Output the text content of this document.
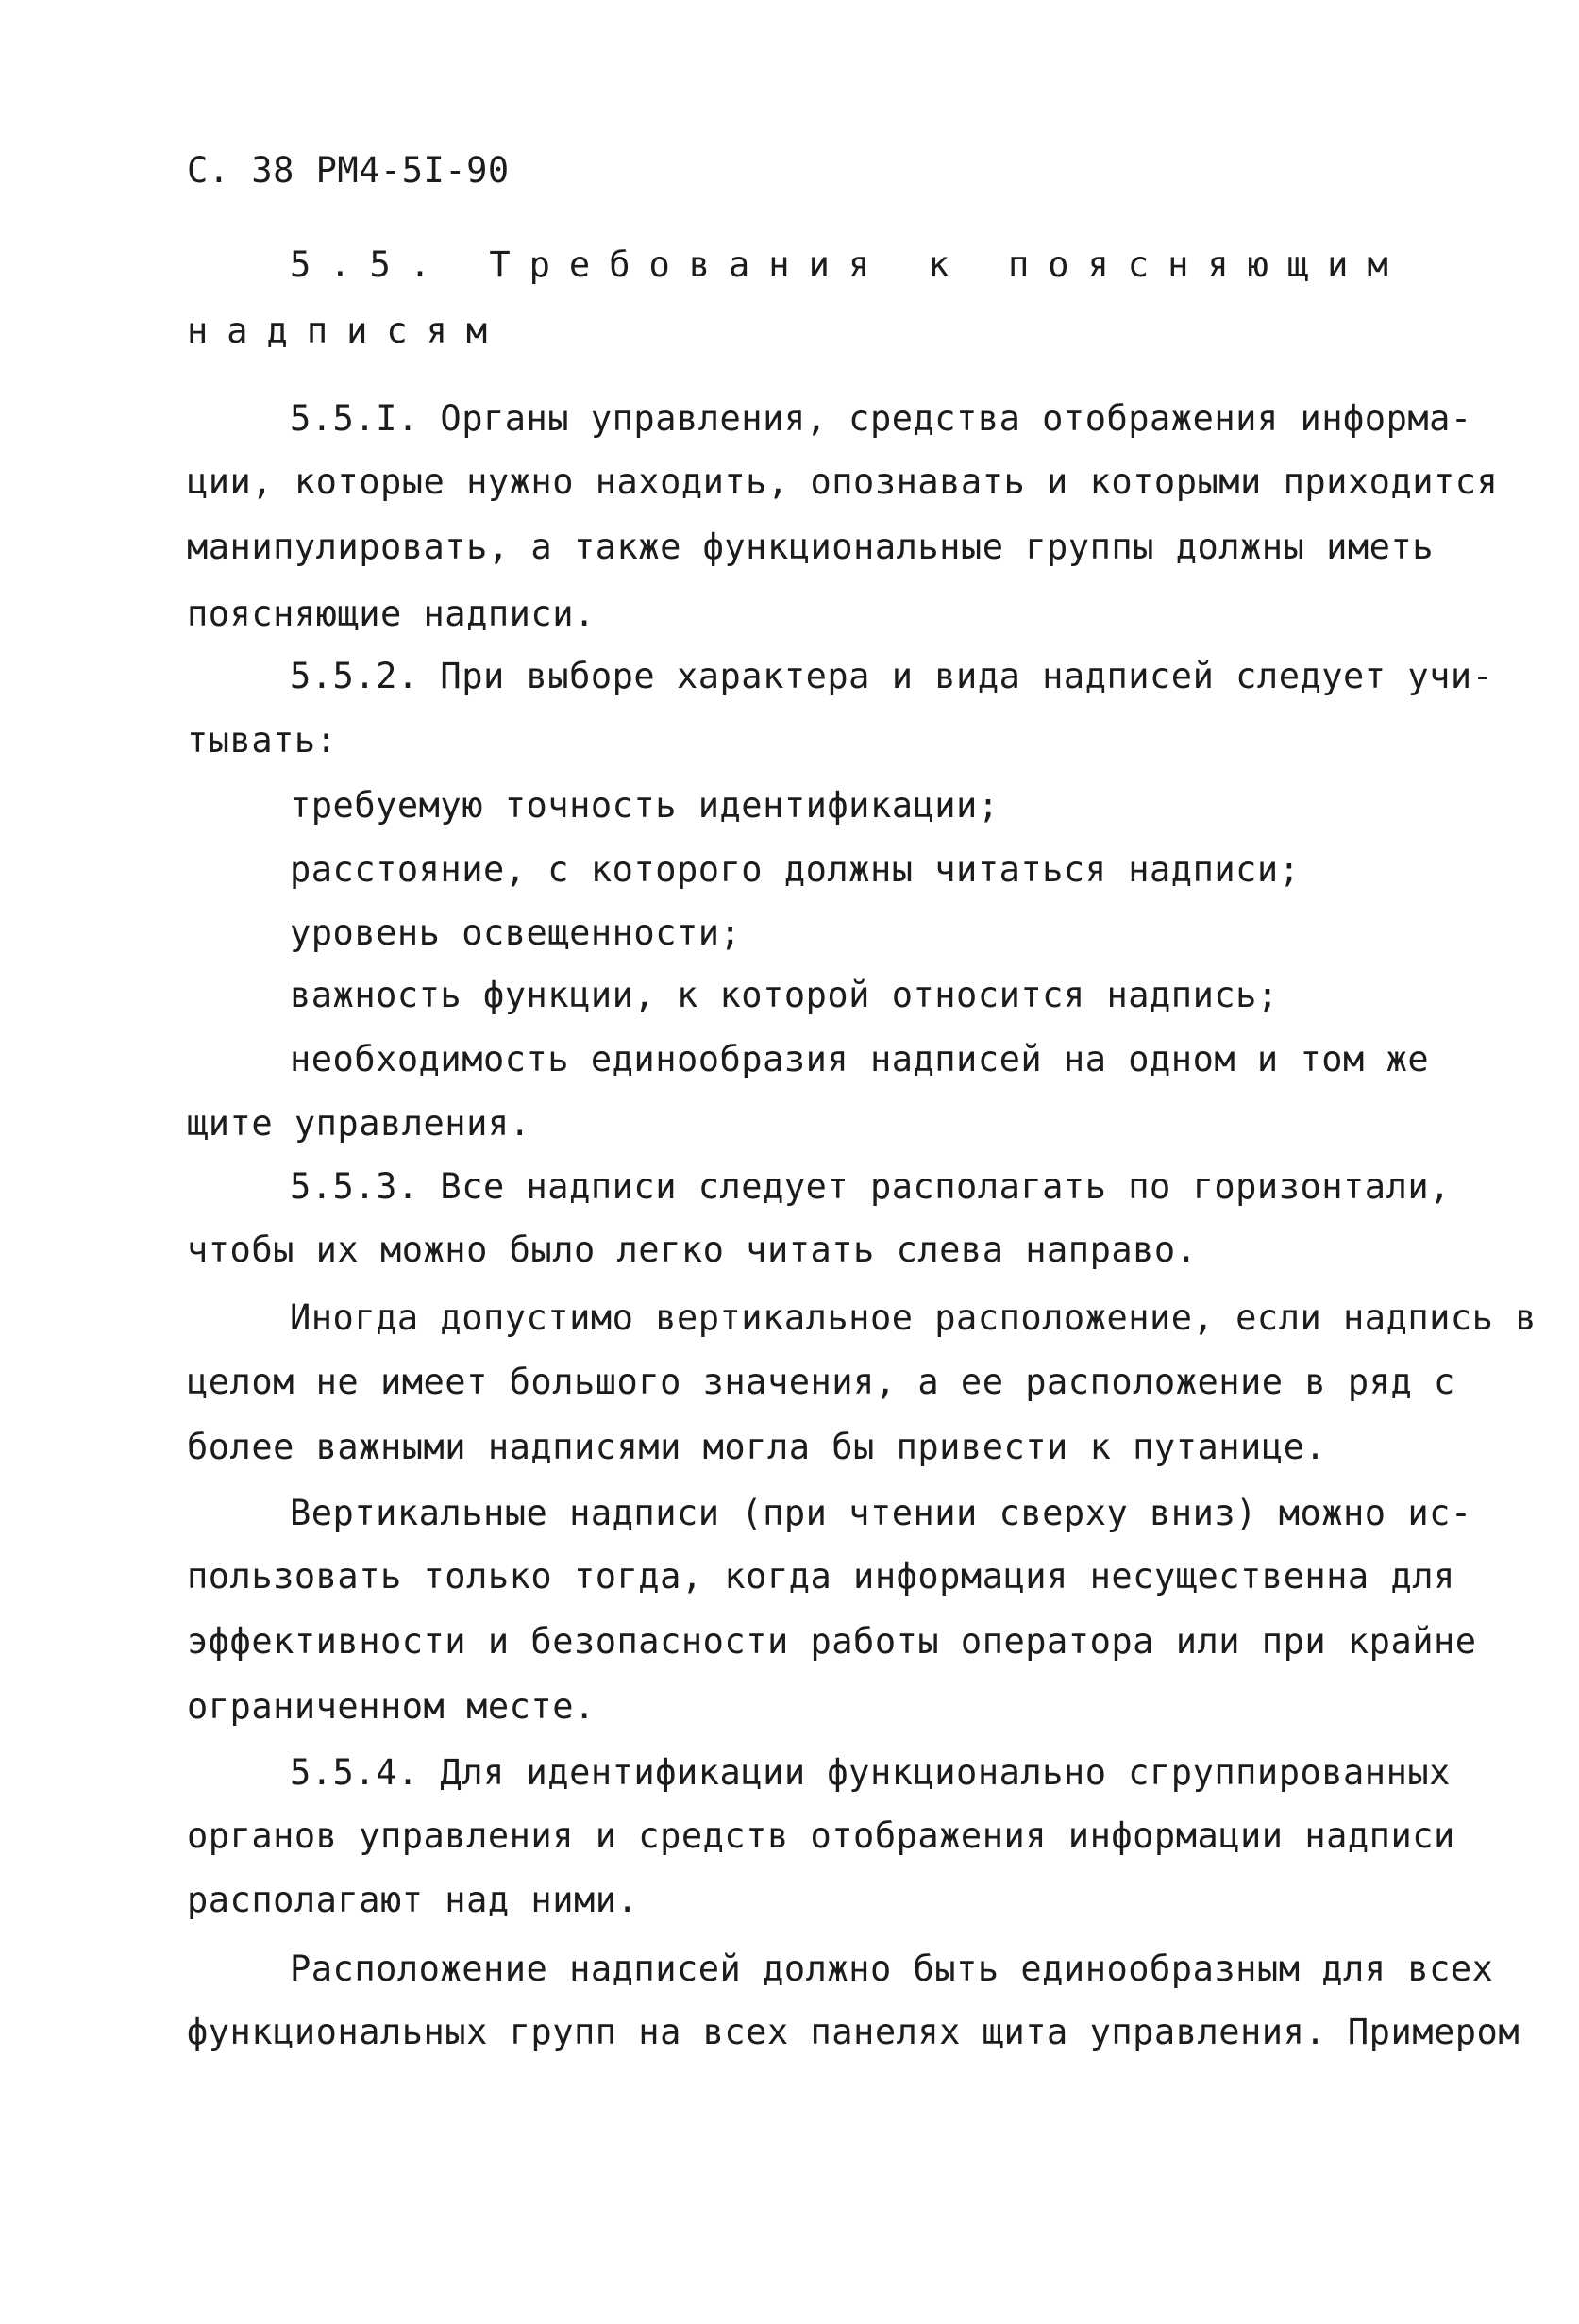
С. 38 РМ4-5I-90
5.5. Требования к поясняющим
надписям
5.5.I. Органы управления, средства отображения информа-
ции, которые нужно находить, опознавать и которыми приходится
манипулировать, а также функциональные группы должны иметь
поясняющие надписи.
5.5.2. При выборе характера и вида надписей следует учи-
тывать:
требуемую точность идентификации;
расстояние, с которого должны читаться надписи;
уровень освещенности;
важность функции, к которой относится надпись;
необходимость единообразия надписей на одном и том же
щите управления.
5.5.3. Все надписи следует располагать по горизонтали,
чтобы их можно было легко читать слева направо.
Иногда допустимо вертикальное расположение, если надпись в
целом не имеет большого значения, а ее расположение в ряд с
более важными надписями могла бы привести к путанице.
Вертикальные надписи (при чтении сверху вниз) можно ис-
пользовать только тогда, когда информация несущественна для
эффективности и безопасности работы оператора или при крайне
ограниченном месте.
5.5.4. Для идентификации функционально сгруппированных
органов управления и средств отображения информации надписи
располагают над ними.
Расположение надписей должно быть единообразным для всех
функциональных групп на всех панелях щита управления. Примером
